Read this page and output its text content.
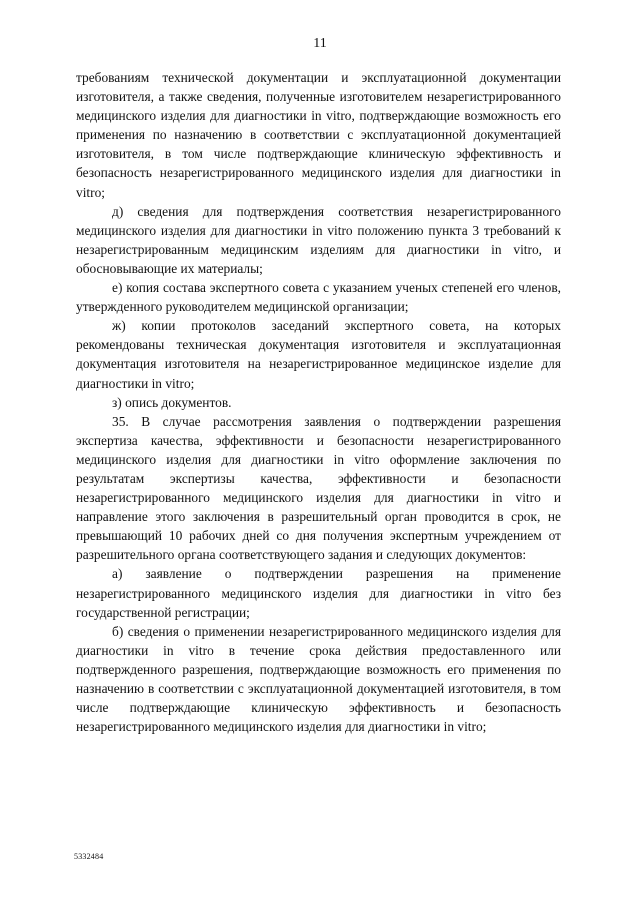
11

требованиям технической документации и эксплуатационной документации изготовителя, а также сведения, полученные изготовителем незарегистрированного медицинского изделия для диагностики in vitro, подтверждающие возможность его применения по назначению в соответствии с эксплуатационной документацией изготовителя, в том числе подтверждающие клиническую эффективность и безопасность незарегистрированного медицинского изделия для диагностики in vitro;

д) сведения для подтверждения соответствия незарегистрированного медицинского изделия для диагностики in vitro положению пункта 3 требований к незарегистрированным медицинским изделиям для диагностики in vitro, и обосновывающие их материалы;

е) копия состава экспертного совета с указанием ученых степеней его членов, утвержденного руководителем медицинской организации;

ж) копии протоколов заседаний экспертного совета, на которых рекомендованы техническая документация изготовителя и эксплуатационная документация изготовителя на незарегистрированное медицинское изделие для диагностики in vitro;

з) опись документов.

35. В случае рассмотрения заявления о подтверждении разрешения экспертиза качества, эффективности и безопасности незарегистрированного медицинского изделия для диагностики in vitro оформление заключения по результатам экспертизы качества, эффективности и безопасности незарегистрированного медицинского изделия для диагностики in vitro и направление этого заключения в разрешительный орган проводится в срок, не превышающий 10 рабочих дней со дня получения экспертным учреждением от разрешительного органа соответствующего задания и следующих документов:

а) заявление о подтверждении разрешения на применение незарегистрированного медицинского изделия для диагностики in vitro без государственной регистрации;

б) сведения о применении незарегистрированного медицинского изделия для диагностики in vitro в течение срока действия предоставленного или подтвержденного разрешения, подтверждающие возможность его применения по назначению в соответствии с эксплуатационной документацией изготовителя, в том числе подтверждающие клиническую эффективность и безопасность незарегистрированного медицинского изделия для диагностики in vitro;

5332484
